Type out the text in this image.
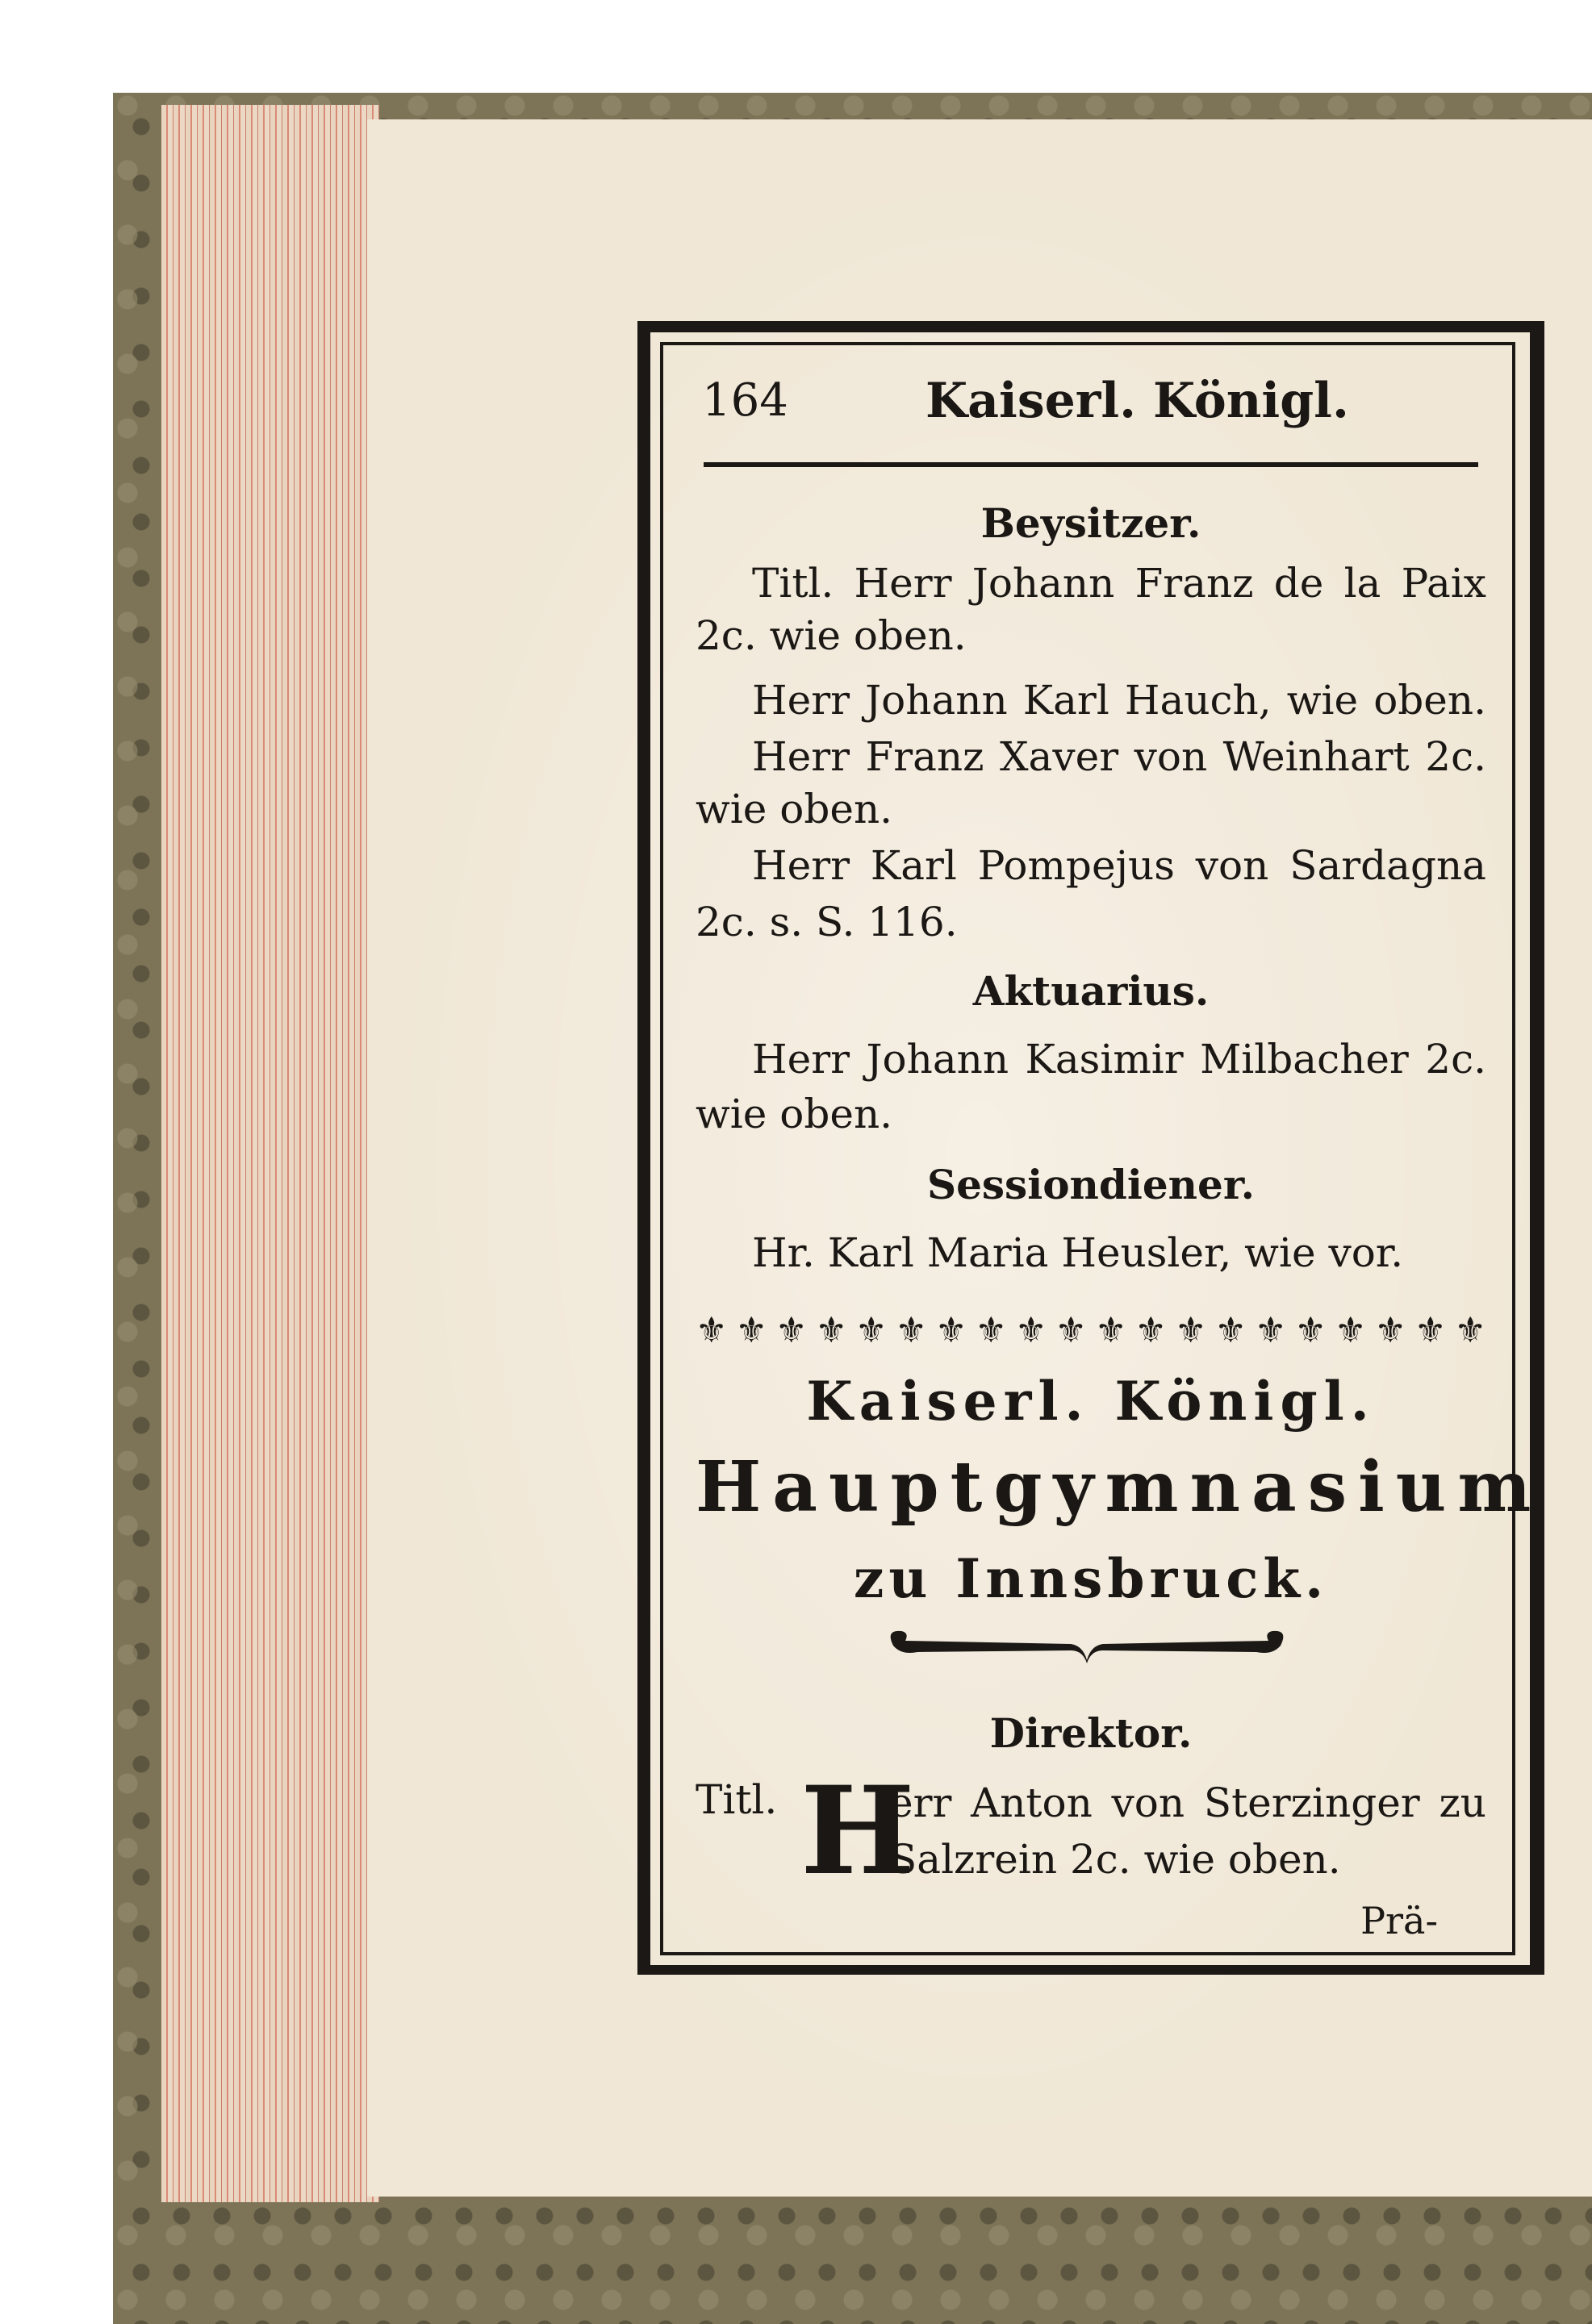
164	Kaiserl. Königl.
Beysitzer.
Titl. Herr Johann Franz de la Paix
2c. wie oben.
Herr Johann Karl Hauch, wie oben.
Herr Franz Xaver von Weinhart 2c.
wie oben.
Herr Karl Pompejus von Sardagna
2c. s. S. 116.
Aktuarius.
Herr Johann Kasimir Milbacher 2c.
wie oben.
Sessiondiener.
Hr. Karl Maria Heusler, wie vor.
⚜ ⚜ ⚜ ⚜ ⚜ ⚜ ⚜ ⚜ ⚜ ⚜ ⚜ ⚜ ⚜ ⚜ ⚜ ⚜ ⚜ ⚜ ⚜ ⚜
Kaiserl. Königl.
Hauptgymnasium
zu Innsbruck.
Direktor.
Titl. H
err Anton von Sterzinger zu
Salzrein 2c. wie oben.
Prä-
